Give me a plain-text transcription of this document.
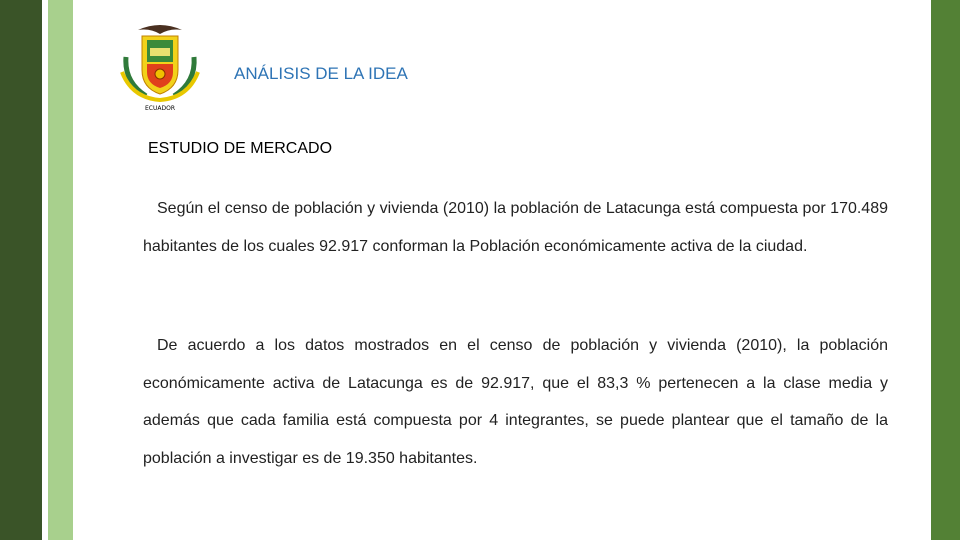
ECUADOR
ANÁLISIS DE LA IDEA
ESTUDIO DE MERCADO
Según el censo de población y vivienda (2010) la población de Latacunga está compuesta por 170.489 habitantes de los cuales 92.917 conforman la Población económicamente activa de la ciudad.
De acuerdo a los datos mostrados en el censo de población y vivienda (2010), la población económicamente activa de Latacunga es de 92.917, que el 83,3 % pertenecen a la clase media y además que cada familia está compuesta por 4 integrantes, se puede plantear que el tamaño de la población a investigar es de 19.350 habitantes.
